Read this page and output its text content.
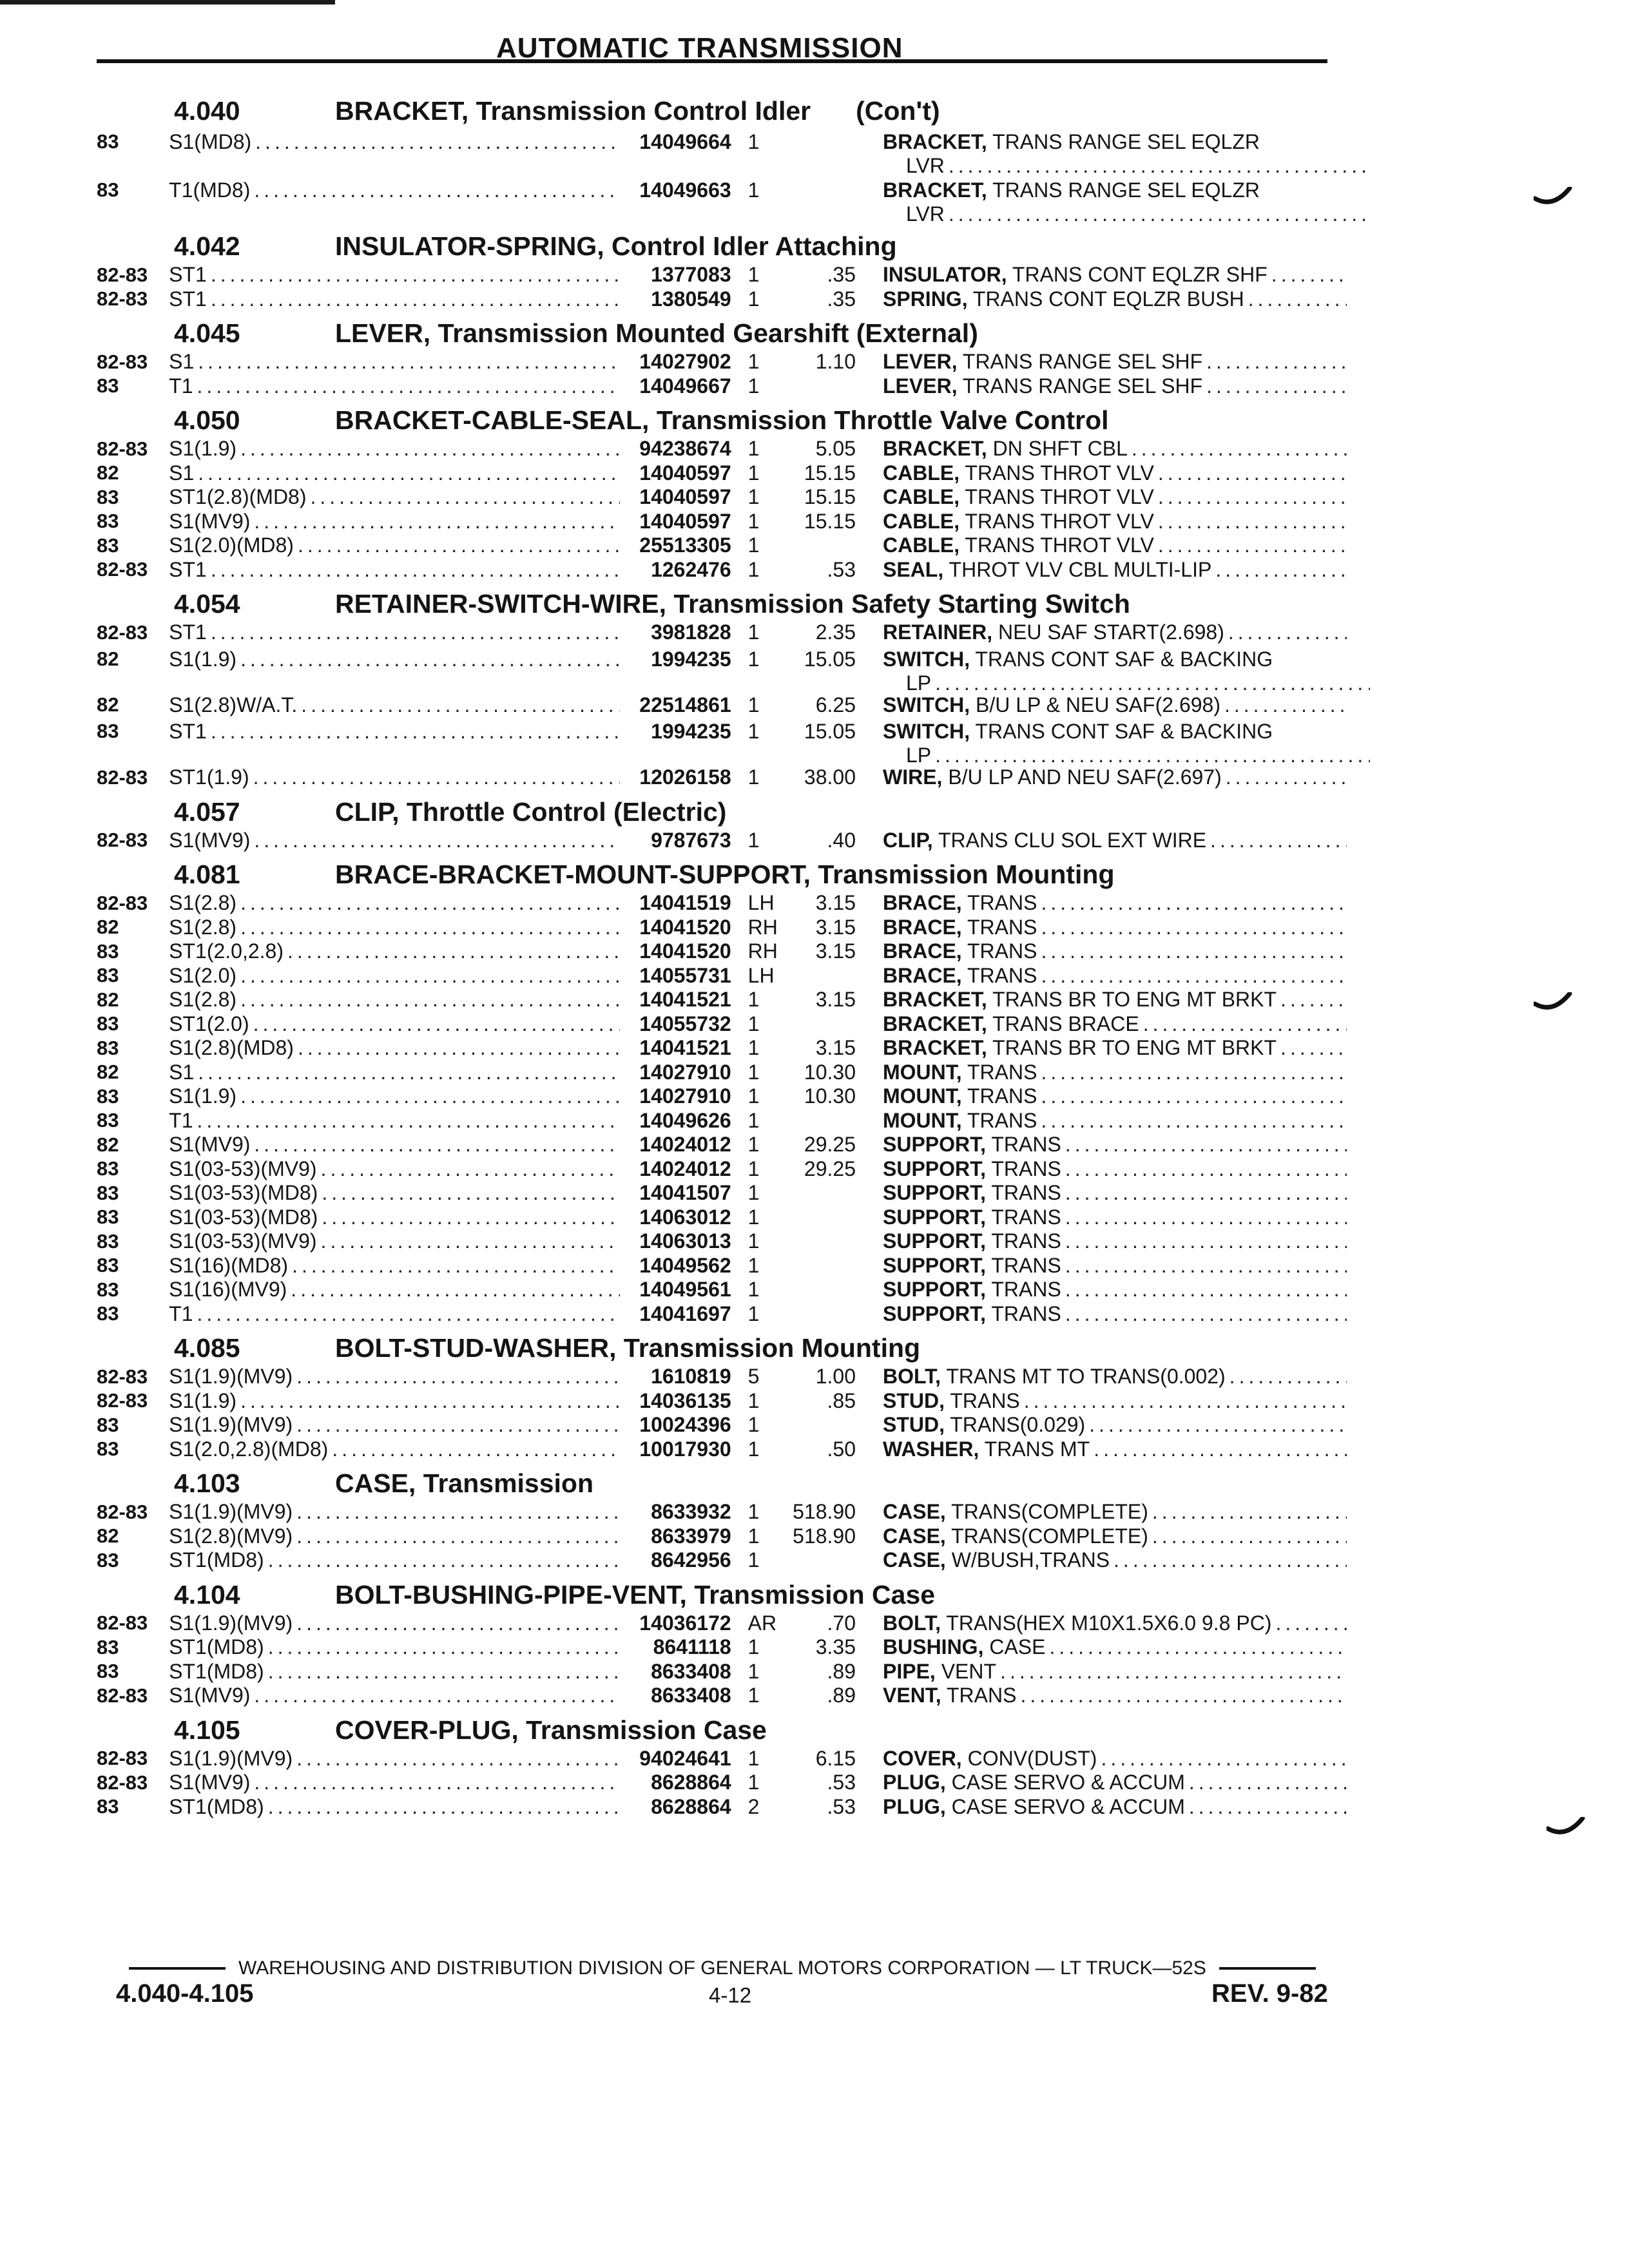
AUTOMATIC TRANSMISSION
4.040	BRACKET, Transmission Control Idler (Con't)
83	S1(MD8) .....	14049664 1	BRACKET, TRANS RANGE SEL EQLZR
LVR
.....
83	T1(MD8) .....	14049663 1	BRACKET, TRANS RANGE SEL EQLZR
LVR
.....
4.042	INSULATOR-SPRING, Control Idler Attaching
82-83	ST1 .....	1377083 1	.35 INSULATOR, TRANS CONT EQLZR SHF
.....
82-83	ST1 .....	1380549 1	.35 SPRING, TRANS CONT EQLZR BUSH
.....
4.045	LEVER, Transmission Mounted Gearshift (External)
82-83	S1 .....	14027902 1	1.10 LEVER, TRANS RANGE SEL SHF
.....
83	T1 .....	14049667 1	LEVER, TRANS RANGE SEL SHF
.....
4.050	BRACKET-CABLE-SEAL, Transmission Throttle Valve Control
82-83	S1(1.9) .....	94238674 1	5.05 BRACKET, DN SHFT CBL
.....
82	S1 .....	14040597 1	15.15 CABLE, TRANS THROT VLV
.....
83	ST1(2.8)(MD8) .....	14040597 1	15.15 CABLE, TRANS THROT VLV
.....
83	S1(MV9) .....	14040597 1	15.15 CABLE, TRANS THROT VLV
.....
83	S1(2.0)(MD8) .....	25513305 1	CABLE, TRANS THROT VLV
.....
82-83	ST1 .....	1262476 1	.53 SEAL, THROT VLV CBL MULTI-LIP
.....
4.054	RETAINER-SWITCH-WIRE, Transmission Safety Starting Switch
82-83	ST1 .....	3981828 1	2.35 RETAINER, NEU SAF START(2.698)
.....
82	S1(1.9) .....	1994235 1	15.05 SWITCH, TRANS CONT SAF & BACKING
LP
.....
82	S1(2.8)W/A.T. .....	22514861 1	6.25 SWITCH, B/U LP & NEU SAF(2.698)
.....
83	ST1 .....	1994235 1	15.05 SWITCH, TRANS CONT SAF & BACKING
LP
.....
82-83	ST1(1.9) .....	12026158 1	38.00 WIRE, B/U LP AND NEU SAF(2.697)
.....
4.057	CLIP, Throttle Control (Electric)
82-83	S1(MV9) .....	9787673 1	.40 CLIP, TRANS CLU SOL EXT WIRE
.....
4.081	BRACE-BRACKET-MOUNT-SUPPORT, Transmission Mounting
82-83	S1(2.8) .....	14041519 LH	3.15 BRACE, TRANS
.....
82	S1(2.8) .....	14041520 RH	3.15 BRACE, TRANS
.....
83	ST1(2.0,2.8) .....	14041520 RH	3.15 BRACE, TRANS
.....
83	S1(2.0) .....	14055731 LH	BRACE, TRANS
.....
82	S1(2.8) .....	14041521 1	3.15 BRACKET, TRANS BR TO ENG MT BRKT
.....
83	ST1(2.0) .....	14055732 1	BRACKET, TRANS BRACE
.....
83	S1(2.8)(MD8) .....	14041521 1	3.15 BRACKET, TRANS BR TO ENG MT BRKT
.....
82	S1 .....	14027910 1	10.30 MOUNT, TRANS
.....
83	S1(1.9) .....	14027910 1	10.30 MOUNT, TRANS
.....
83	T1 .....	14049626 1	MOUNT, TRANS
.....
82	S1(MV9) .....	14024012 1	29.25 SUPPORT, TRANS
.....
83	S1(03-53)(MV9) .....	14024012 1	29.25 SUPPORT, TRANS
.....
83	S1(03-53)(MD8) .....	14041507 1	SUPPORT, TRANS
.....
83	S1(03-53)(MD8) .....	14063012 1	SUPPORT, TRANS
.....
83	S1(03-53)(MV9) .....	14063013 1	SUPPORT, TRANS
.....
83	S1(16)(MD8) .....	14049562 1	SUPPORT, TRANS
.....
83	S1(16)(MV9) .....	14049561 1	SUPPORT, TRANS
.....
83	T1 .....	14041697 1	SUPPORT, TRANS
.....
4.085	BOLT-STUD-WASHER, Transmission Mounting
82-83	S1(1.9)(MV9) .....	1610819 5	1.00 BOLT, TRANS MT TO TRANS(0.002)
.....
82-83	S1(1.9) .....	14036135 1	.85 STUD, TRANS
.....
83	S1(1.9)(MV9) .....	10024396 1	STUD, TRANS(0.029)
.....
83	S1(2.0,2.8)(MD8) .....	10017930 1	.50 WASHER, TRANS MT
.....
4.103	CASE, Transmission
82-83	S1(1.9)(MV9) .....	8633932 1	518.90 CASE, TRANS(COMPLETE)
.....
82	S1(2.8)(MV9) .....	8633979 1	518.90 CASE, TRANS(COMPLETE)
.....
83	ST1(MD8) .....	8642956 1	CASE, W/BUSH,TRANS
.....
4.104	BOLT-BUSHING-PIPE-VENT, Transmission Case
82-83	S1(1.9)(MV9) .....	14036172 AR	.70 BOLT, TRANS(HEX M10X1.5X6.0 9.8 PC)
.....
83	ST1(MD8) .....	8641118 1	3.35 BUSHING, CASE
.....
83	ST1(MD8) .....	8633408 1	.89 PIPE, VENT
.....
82-83	S1(MV9) .....	8633408 1	.89 VENT, TRANS
.....
4.105	COVER-PLUG, Transmission Case
82-83	S1(1.9)(MV9) .....	94024641 1	6.15 COVER, CONV(DUST)
.....
82-83	S1(MV9) .....	8628864 1	.53 PLUG, CASE SERVO & ACCUM
.....
83	ST1(MD8) .....	8628864 2	.53 PLUG, CASE SERVO & ACCUM
.....
WAREHOUSING AND DISTRIBUTION DIVISION OF GENERAL MOTORS CORPORATION — LT TRUCK—52S
4.040-4.105	4-12	REV. 9-82
